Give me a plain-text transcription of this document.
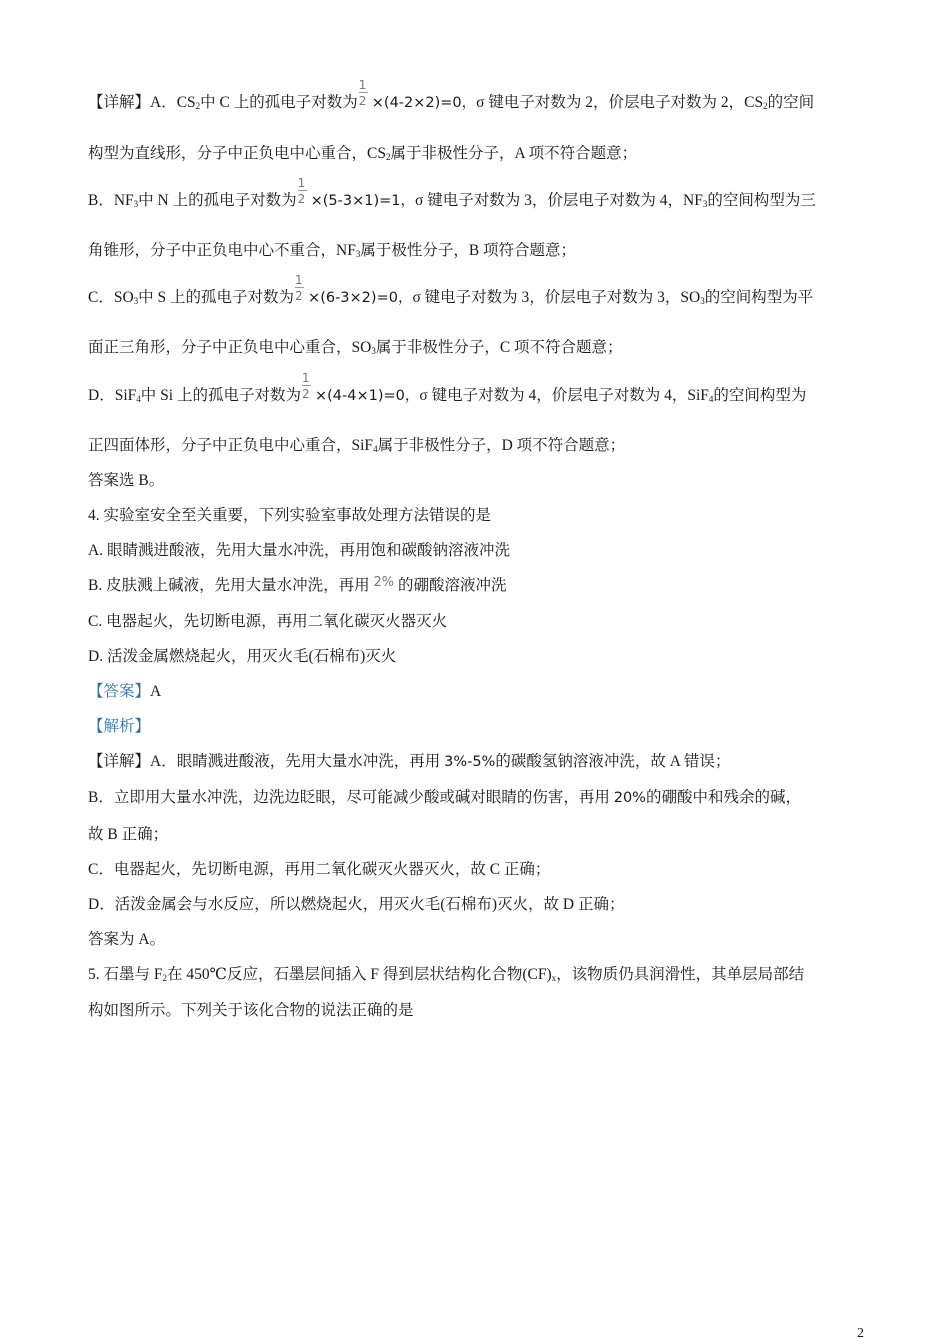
【详解】A．$CS_2$中 C 上的孤电子对数为 $\frac{1}{2} \times(4-2\times 2)=0$，σ 键电子对数为 2，价层电子对数为 2，$CS_2$的空间
构型为直线形，分子中正负电中心重合，$CS_2$属于非极性分子，A 项不符合题意；
B．$NF_3$中 N 上的孤电子对数为 $\frac{1}{2} \times(5-3\times 1)=1$，σ 键电子对数为 3，价层电子对数为 4，$NF_3$的空间构型为三
角锥形，分子中正负电中心不重合，$NF_3$属于极性分子，B 项符合题意；
C．$SO_3$中 S 上的孤电子对数为 $\frac{1}{2} \times(6-3\times 2)=0$，σ 键电子对数为 3，价层电子对数为 3，$SO_3$的空间构型为平
面正三角形，分子中正负电中心重合，$SO_3$属于非极性分子，C 项不符合题意；
D．SiF$_4$中 Si 上的孤电子对数为 $\frac{1}{2} \times(4-4\times 1)=0$，σ 键电子对数为 4，价层电子对数为 4，SiF$_4$的空间构型为
正四面体形，分子中正负电中心重合，SiF$_4$属于非极性分子，D 项不符合题意；
答案选 B。
4. 实验室安全至关重要，下列实验室事故处理方法错误的是
A. 眼睛溅进酸液，先用大量水冲洗，再用饱和碳酸钠溶液冲洗
B. 皮肤溅上碱液，先用大量水冲洗，再用 $^{2\%}$ 的硼酸溶液冲洗
C. 电器起火，先切断电源，再用二氧化碳灭火器灭火
D. 活泼金属燃烧起火，用灭火毛(石棉布)灭火
【答案】A
【解析】
【详解】A．眼睛溅进酸液，先用大量水冲洗，再用 3%-5%的碳酸氢钠溶液冲洗，故 A 错误；
B．立即用大量水冲洗，边洗边眨眼，尽可能减少酸或碱对眼睛的伤害，再用 20%的硼酸中和残余的碱，
故 B 正确；
C．电器起火，先切断电源，再用二氧化碳灭火器灭火，故 C 正确；
D．活泼金属会与水反应，所以燃烧起火，用灭火毛(石棉布)灭火，故 D 正确；
答案为 A。
5. 石墨与 $F_2$在 450℃反应，石墨层间插入 F 得到层状结构化合物$(CF)_x$，该物质仍具润滑性，其单层局部结
构如图所示。下列关于该化合物的说法正确的是
2
